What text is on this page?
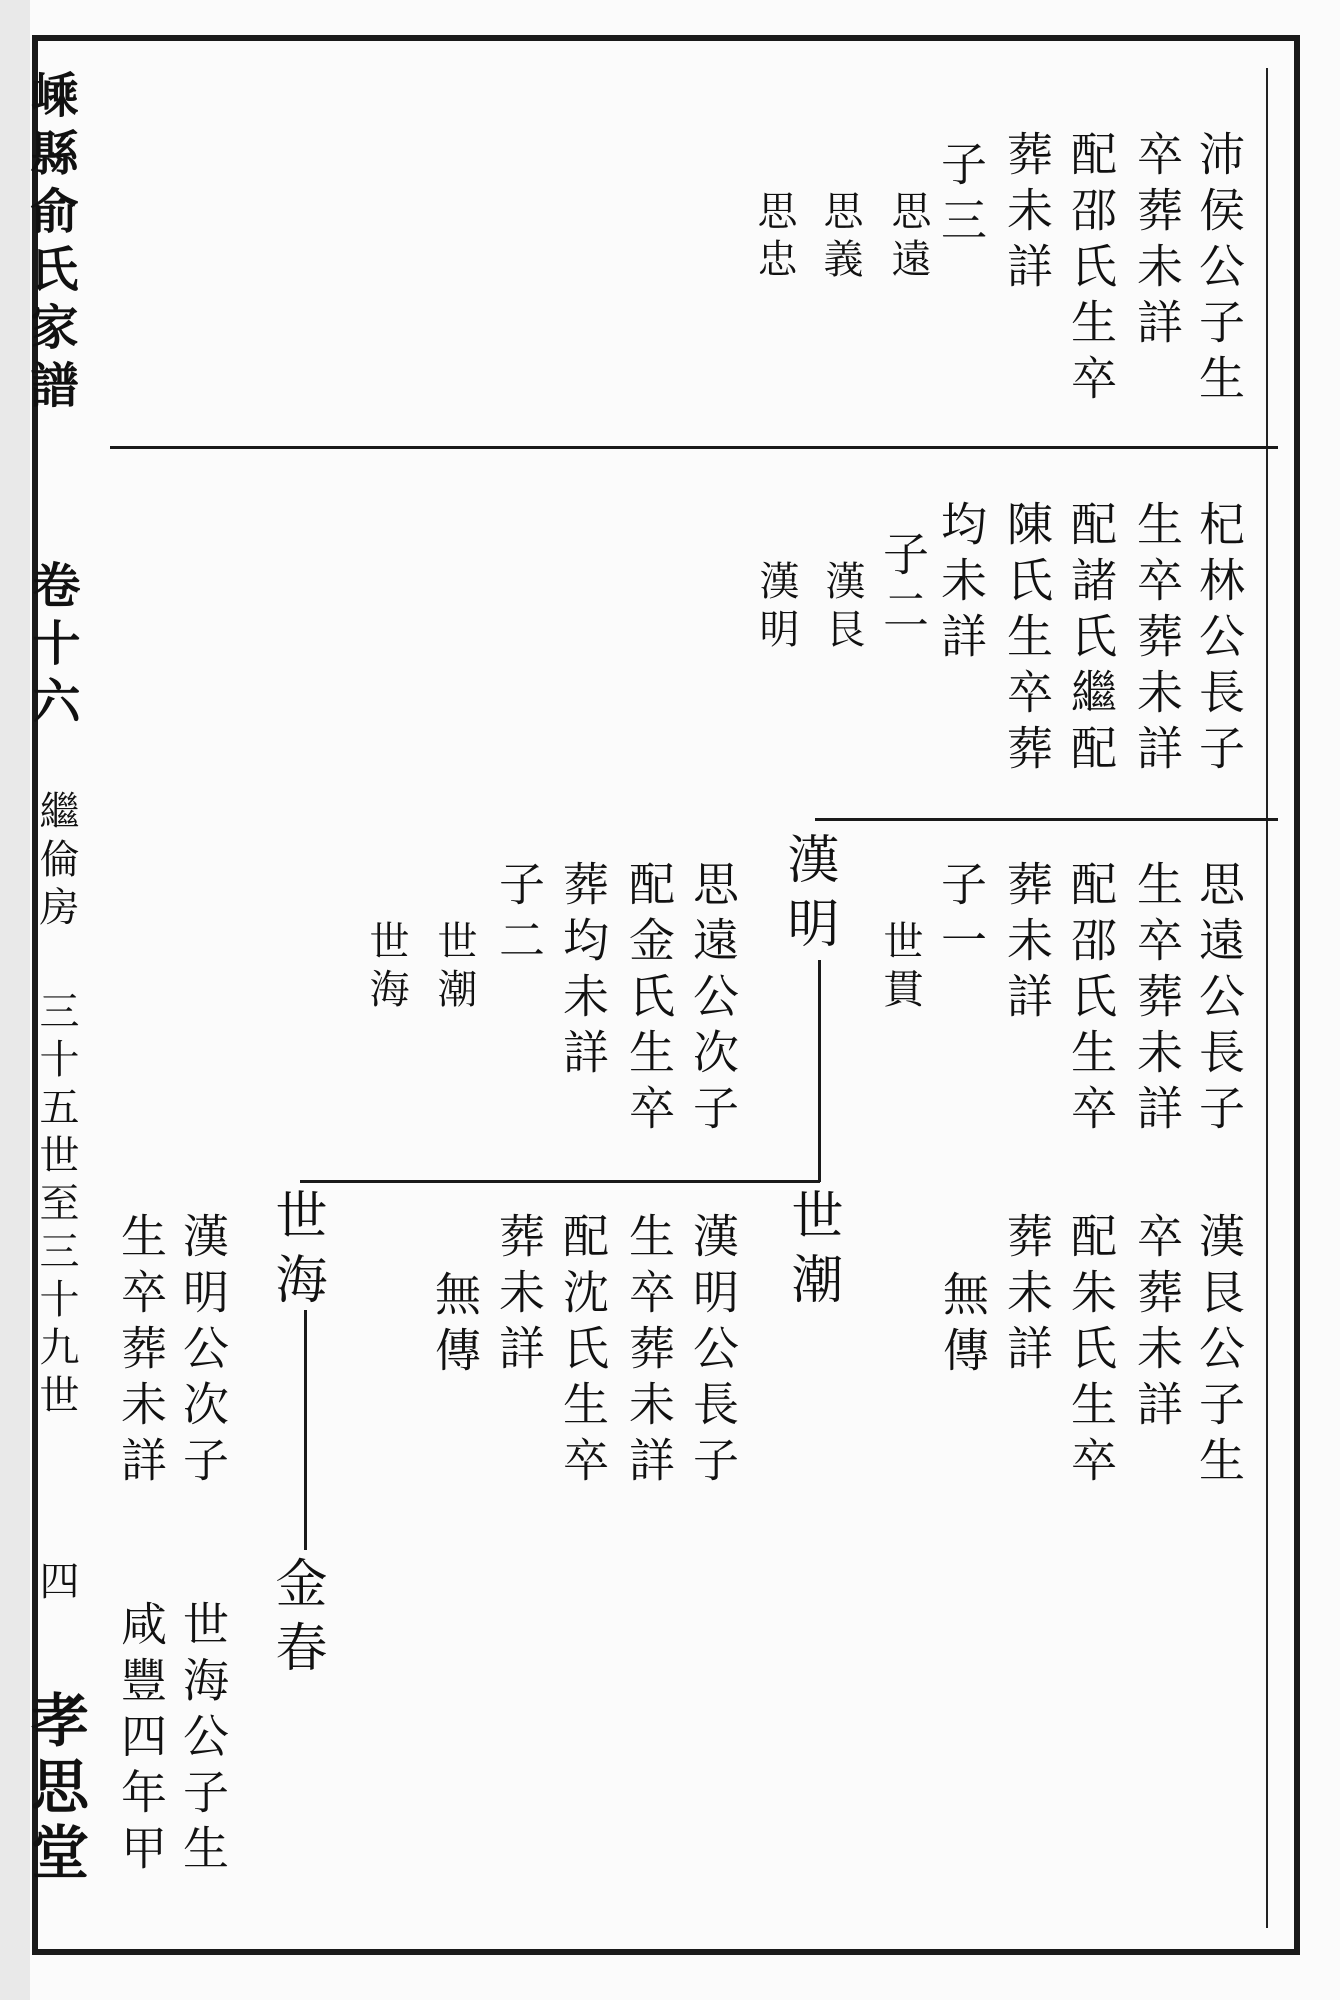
嵊縣俞氏家譜
卷十六
繼倫房
三十五世至三十九世
四
孝思堂
沛侯公子生
卒葬未詳
配邵氏生卒
葬未詳
子三
思遠
思義
思忠
杞林公長子
生卒葬未詳
配諸氏繼配
陳氏生卒葬
均未詳
子二
漢艮
漢明
思遠公長子
生卒葬未詳
配邵氏生卒
葬未詳
子一
世貫
漢明
思遠公次子
配金氏生卒
葬均未詳
子二
世潮
世海
漢艮公子生
卒葬未詳
配朱氏生卒
葬未詳
無傳
世潮
漢明公長子
生卒葬未詳
配沈氏生卒
葬未詳
無傳
世海
漢明公次子
生卒葬未詳
金春
世海公子生
咸豐四年甲
